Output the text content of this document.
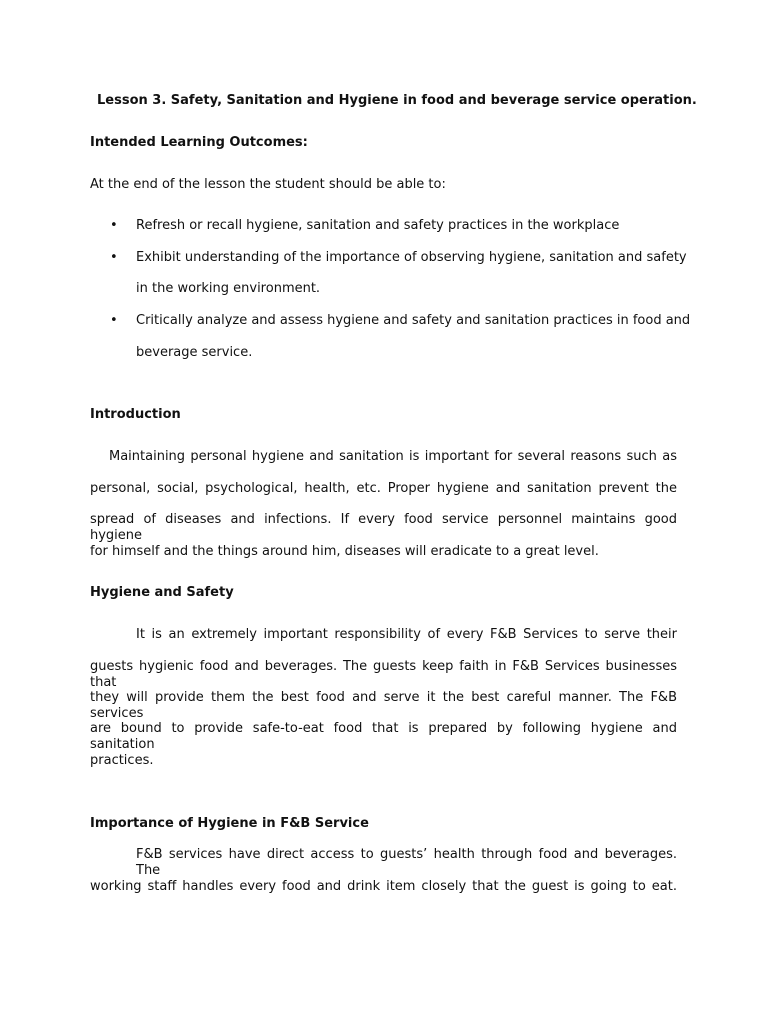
Lesson 3. Safety, Sanitation and Hygiene in food and beverage service operation.
Intended Learning Outcomes:
At the end of the lesson the student should be able to:
• Refresh or recall hygiene, sanitation and safety practices in the workplace
• Exhibit understanding of the importance of observing hygiene, sanitation and safety
in the working environment.
• Critically analyze and assess hygiene and safety and sanitation practices in food and
beverage service.
Introduction
Maintaining personal hygiene and sanitation is important for several reasons such as
personal, social, psychological, health, etc. Proper hygiene and sanitation prevent the
spread of diseases and infections. If every food service personnel maintains good hygiene
for himself and the things around him, diseases will eradicate to a great level.
Hygiene and Safety
It is an extremely important responsibility of every F&B Services to serve their
guests hygienic food and beverages. The guests keep faith in F&B Services businesses that
they will provide them the best food and serve it the best careful manner. The F&B services
are bound to provide safe-to-eat food that is prepared by following hygiene and sanitation
practices.
Importance of Hygiene in F&B Service
F&B services have direct access to guests’ health through food and beverages. The
working staff handles every food and drink item closely that the guest is going to eat.
